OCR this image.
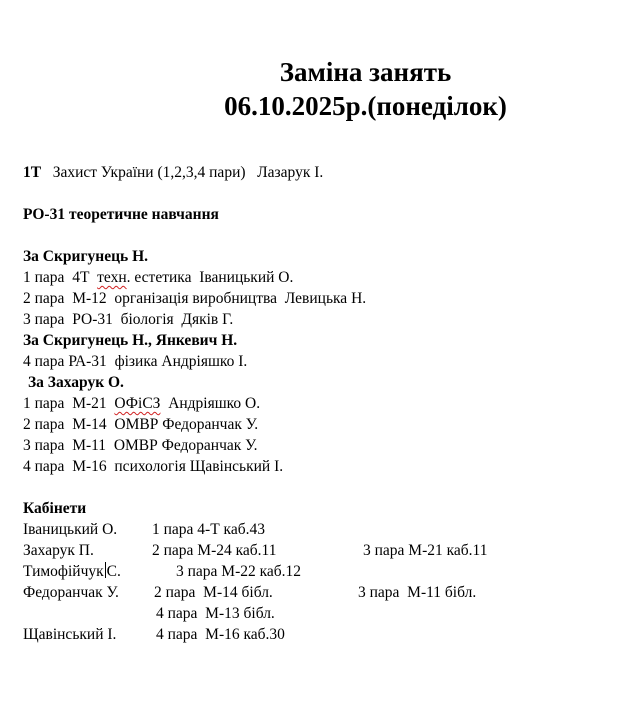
Заміна занять
06.10.2025р.(понеділок)
1Т Захист України (1,2,3,4 пари)   Лазарук І.
РО-31 теоретичне навчання
За Скригунець Н.
1 пара 4Т техн. естетика Іваницький О.
2 пара М-12 організація виробництва Левицька Н.
3 пара РО-31 біологія Дяків Г.
За Скригунець Н., Янкевич Н.
4 пара РА-31 фізика Андріяшко І.
За Захарук О.
1 пара М-21 ОФіСЗ Андріяшко О.
2 пара М-14 ОМВР Федоранчак У.
3 пара М-11 ОМВР Федоранчак У.
4 пара М-16 психологія Щавінський І.
Кабінети
Іваницький О. 1 пара 4-Т каб.43
Захарук П.	2 пара М-24 каб.11	3 пара М-21 каб.11
Тимофійчук С.	3 пара М-22 каб.12
Федоранчак У. 2 пара  М-14 бібл.	3 пара  М-11 бібл.
4 пара  М-13 бібл.
Щавінський І.	4 пара  М-16 каб.30
